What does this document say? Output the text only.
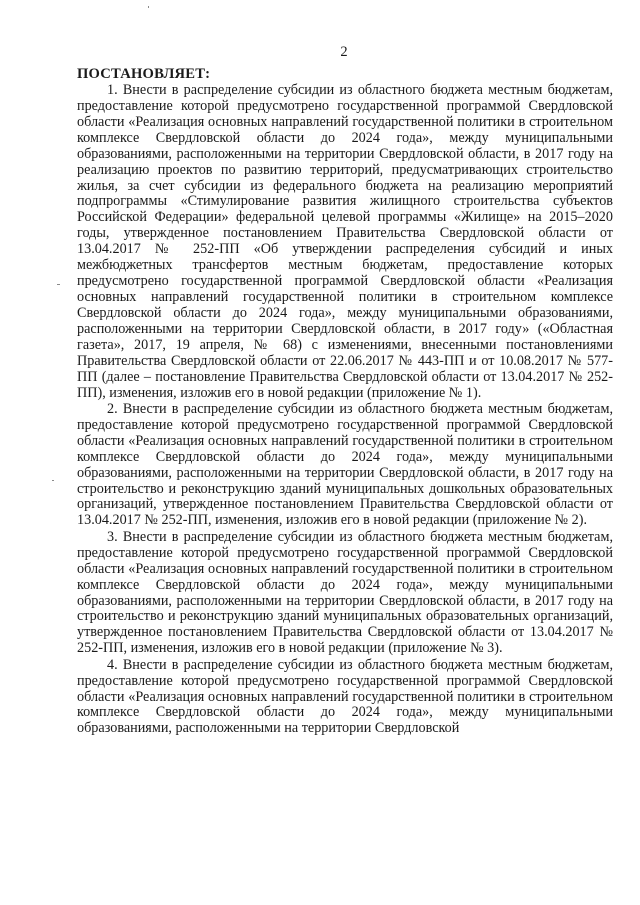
2

ПОСТАНОВЛЯЕТ:

1. Внести в распределение субсидии из областного бюджета местным бюджетам, предоставление которой предусмотрено государственной программой Свердловской области «Реализация основных направлений государственной политики в строительном комплексе Свердловской области до 2024 года», между муниципальными образованиями, расположенными на территории Свердловской области, в 2017 году на реализацию проектов по развитию территорий, предусматривающих строительство жилья, за счет субсидии из федерального бюджета на реализацию мероприятий подпрограммы «Стимулирование развития жилищного строительства субъектов Российской Федерации» федеральной целевой программы «Жилище» на 2015–2020 годы, утвержденное постановлением Правительства Свердловской области от 13.04.2017 № 252-ПП «Об утверждении распределения субсидий и иных межбюджетных трансфертов местным бюджетам, предоставление которых предусмотрено государственной программой Свердловской области «Реализация основных направлений государственной политики в строительном комплексе Свердловской области до 2024 года», между муниципальными образованиями, расположенными на территории Свердловской области, в 2017 году» («Областная газета», 2017, 19 апреля, № 68) с изменениями, внесенными постановлениями Правительства Свердловской области от 22.06.2017 № 443-ПП и от 10.08.2017 № 577-ПП (далее – постановление Правительства Свердловской области от 13.04.2017 № 252-ПП), изменения, изложив его в новой редакции (приложение № 1).

2. Внести в распределение субсидии из областного бюджета местным бюджетам, предоставление которой предусмотрено государственной программой Свердловской области «Реализация основных направлений государственной политики в строительном комплексе Свердловской области до 2024 года», между муниципальными образованиями, расположенными на территории Свердловской области, в 2017 году на строительство и реконструкцию зданий муниципальных дошкольных образовательных организаций, утвержденное постановлением Правительства Свердловской области от 13.04.2017 № 252-ПП, изменения, изложив его в новой редакции (приложение № 2).

3. Внести в распределение субсидии из областного бюджета местным бюджетам, предоставление которой предусмотрено государственной программой Свердловской области «Реализация основных направлений государственной политики в строительном комплексе Свердловской области до 2024 года», между муниципальными образованиями, расположенными на территории Свердловской области, в 2017 году на строительство и реконструкцию зданий муниципальных образовательных организаций, утвержденное постановлением Правительства Свердловской области от 13.04.2017 № 252-ПП, изменения, изложив его в новой редакции (приложение № 3).

4. Внести в распределение субсидии из областного бюджета местным бюджетам, предоставление которой предусмотрено государственной программой Свердловской области «Реализация основных направлений государственной политики в строительном комплексе Свердловской области до 2024 года», между муниципальными образованиями, расположенными на территории Свердловской
